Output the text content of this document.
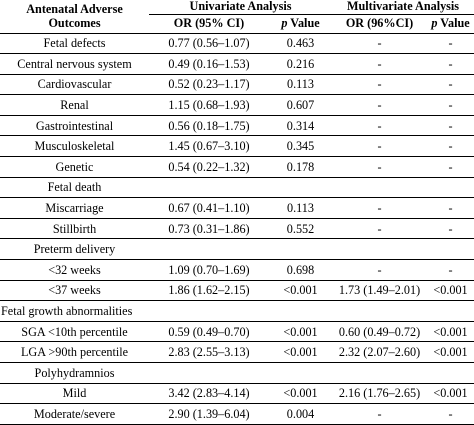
Antenatal Adverse
Outcomes	Univariate Analysis		Multivariate Analysis	
	OR (95% CI)	p Value	OR (96%CI)	p Value
Fetal defects	0.77 (0.56–1.07)	0.463	-	-
Central nervous system	0.49 (0.16–1.53)	0.216	-	-
Cardiovascular	0.52 (0.23–1.17)	0.113	-	-
Renal	1.15 (0.68–1.93)	0.607	-	-
Gastrointestinal	0.56 (0.18–1.75)	0.314	-	-
Musculoskeletal	1.45 (0.67–3.10)	0.345	-	-
Genetic	0.54 (0.22–1.32)	0.178	-	-
Fetal death				
Miscarriage	0.67 (0.41–1.10)	0.113	-	-
Stillbirth	0.73 (0.31–1.86)	0.552	-	-
Preterm delivery				
<32 weeks	1.09 (0.70–1.69)	0.698	-	-
<37 weeks	1.86 (1.62–2.15)	<0.001	1.73 (1.49–2.01)	<0.001
Fetal growth abnormalities				
SGA <10th percentile	0.59 (0.49–0.70)	<0.001	0.60 (0.49–0.72)	<0.001
LGA >90th percentile	2.83 (2.55–3.13)	<0.001	2.32 (2.07–2.60)	<0.001
Polyhydramnios				
Mild	3.42 (2.83–4.14)	<0.001	2.16 (1.76–2.65)	<0.001
Moderate/severe	2.90 (1.39–6.04)	0.004	-	-
